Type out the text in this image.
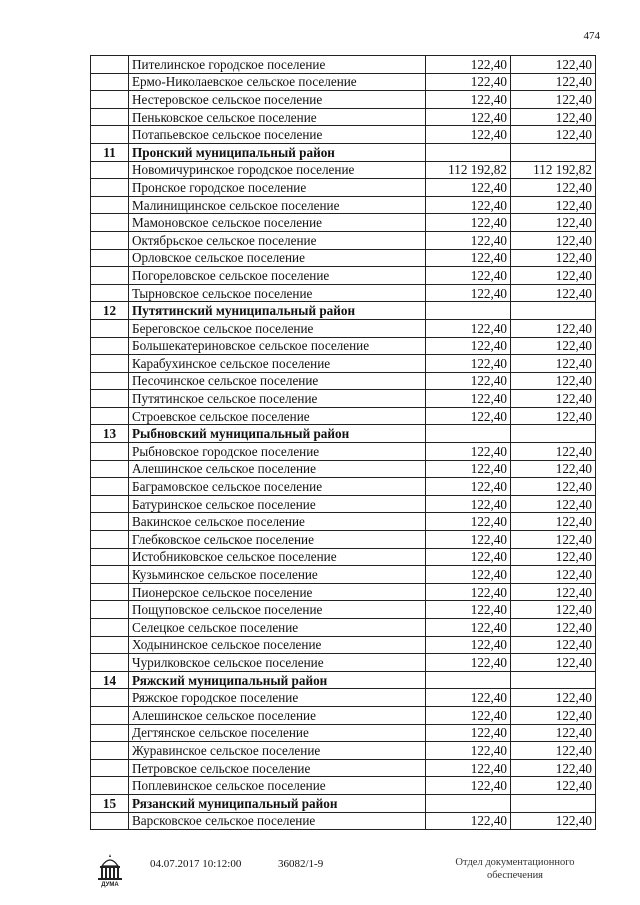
474
	Пителинское городское поселение	122,40	122,40
	Ермо-Николаевское сельское поселение	122,40	122,40
	Нестеровское сельское поселение	122,40	122,40
	Пеньковское сельское поселение	122,40	122,40
	Потапьевское сельское поселение	122,40	122,40
11	Пронский муниципальный район		
	Новомичуринское городское поселение	112 192,82	112 192,82
	Пронское городское поселение	122,40	122,40
	Малинищинское сельское поселение	122,40	122,40
	Мамоновское сельское поселение	122,40	122,40
	Октябрьское сельское поселение	122,40	122,40
	Орловское сельское поселение	122,40	122,40
	Погореловское сельское поселение	122,40	122,40
	Тырновское сельское поселение	122,40	122,40
12	Путятинский муниципальный район		
	Береговское сельское поселение	122,40	122,40
	Большекатериновское сельское поселение	122,40	122,40
	Карабухинское сельское поселение	122,40	122,40
	Песочинское сельское поселение	122,40	122,40
	Путятинское сельское поселение	122,40	122,40
	Строевское сельское поселение	122,40	122,40
13	Рыбновский муниципальный район		
	Рыбновское городское поселение	122,40	122,40
	Алешинское сельское поселение	122,40	122,40
	Баграмовское сельское поселение	122,40	122,40
	Батуринское сельское поселение	122,40	122,40
	Вакинское сельское поселение	122,40	122,40
	Глебковское сельское поселение	122,40	122,40
	Истобниковское сельское поселение	122,40	122,40
	Кузьминское сельское поселение	122,40	122,40
	Пионерское сельское поселение	122,40	122,40
	Пощуповское сельское поселение	122,40	122,40
	Селецкое сельское поселение	122,40	122,40
	Ходынинское сельское поселение	122,40	122,40
	Чурилковское сельское поселение	122,40	122,40
14	Ряжский муниципальный район		
	Ряжское городское поселение	122,40	122,40
	Алешинское сельское поселение	122,40	122,40
	Дегтянское сельское поселение	122,40	122,40
	Журавинское сельское поселение	122,40	122,40
	Петровское сельское поселение	122,40	122,40
	Поплевинское сельское поселение	122,40	122,40
15	Рязанский муниципальный район		
	Варсковское сельское поселение	122,40	122,40
ДУМА
04.07.2017 10:12:00	36082/1-9	Отдел документационного
обеспечения
